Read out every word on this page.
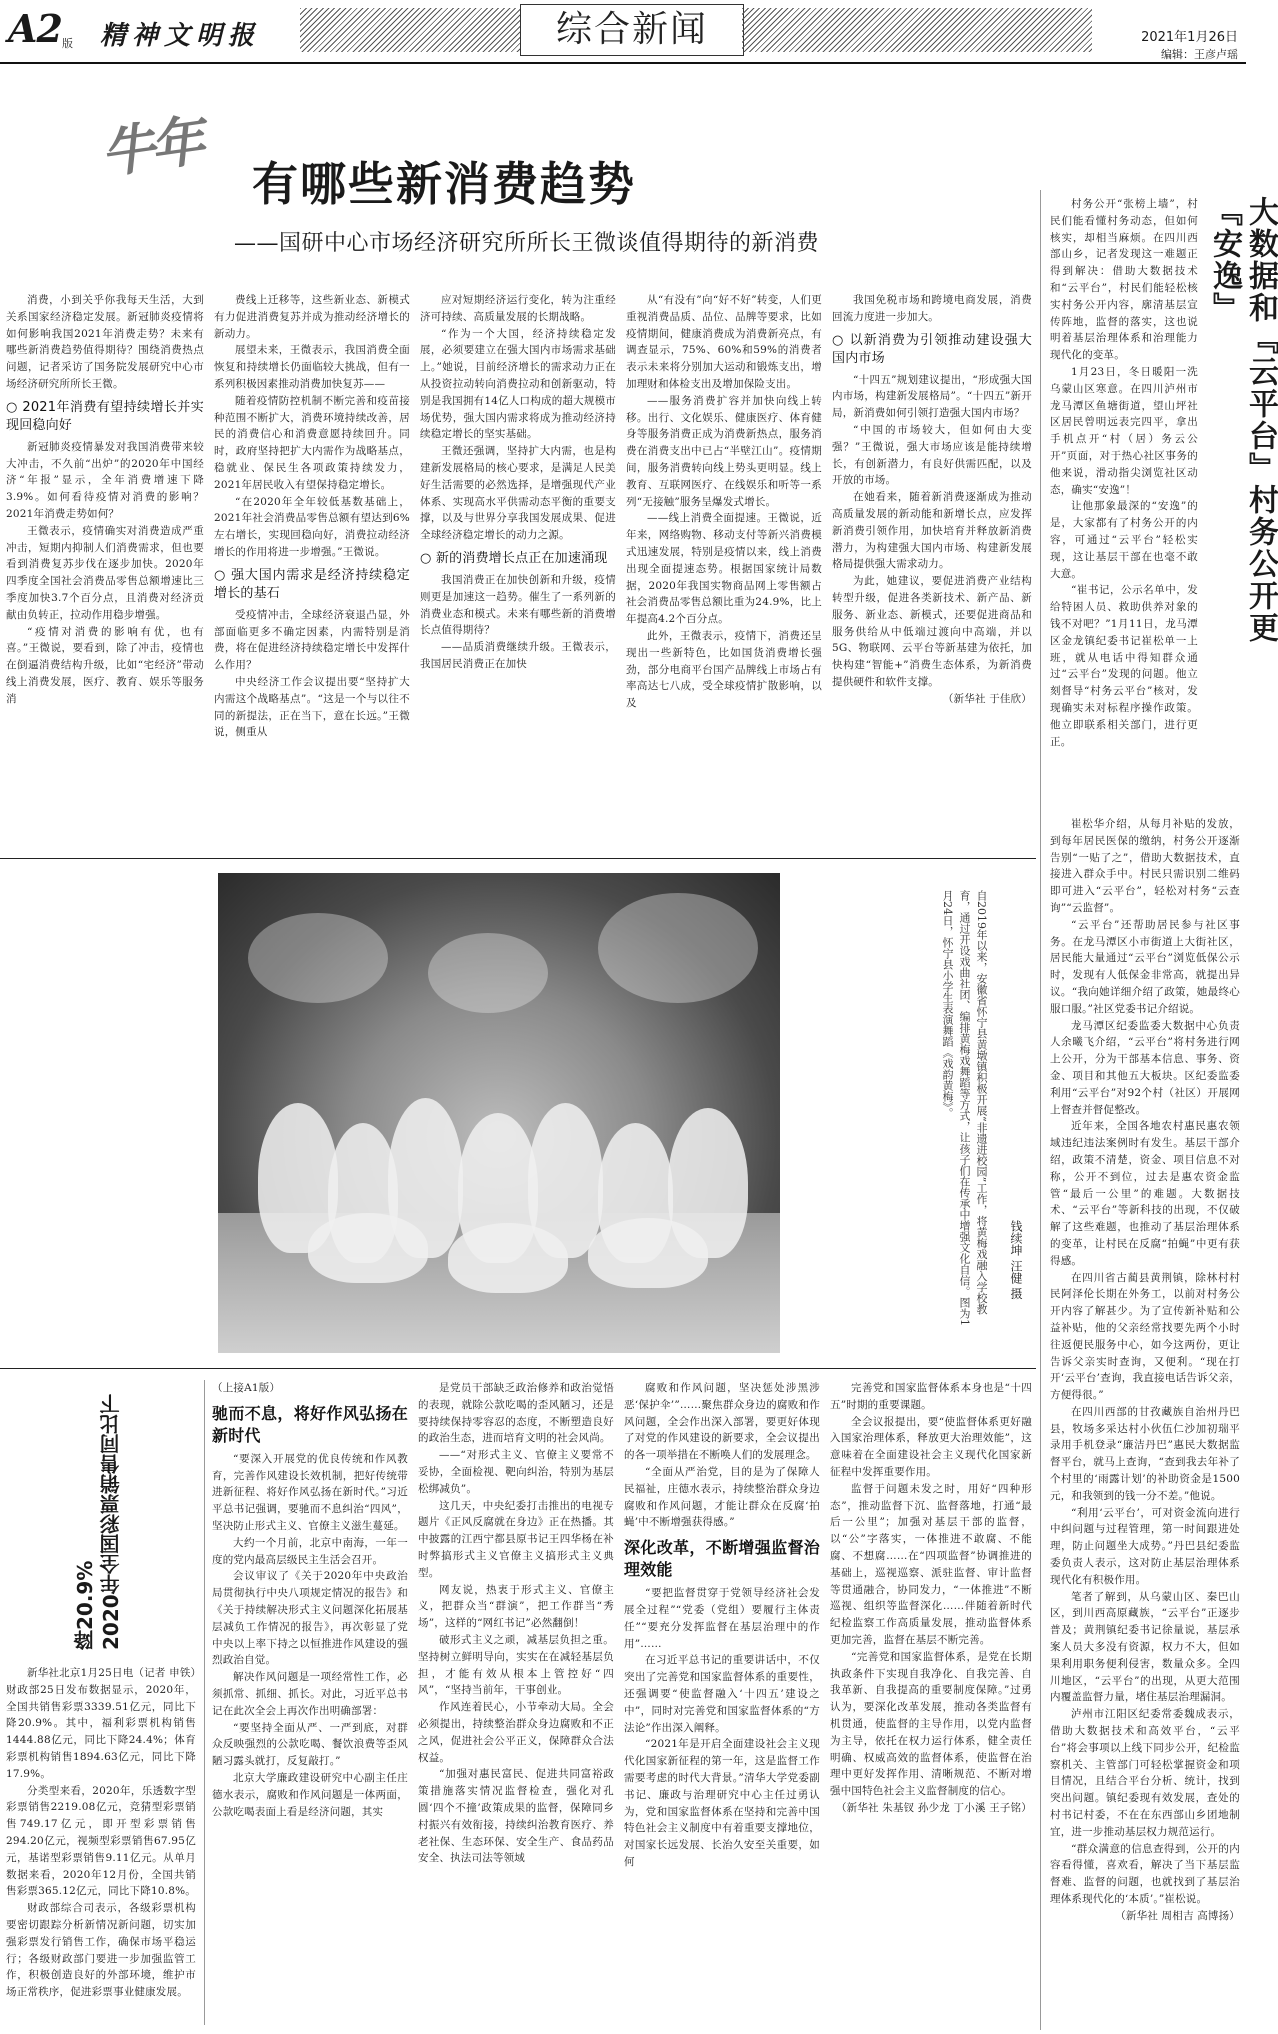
A2版 精神文明报	综合新闻	2021年1月26日
编辑：王彦卢瑶
牛年 有哪些新消费趋势
——国研中心市场经济研究所所长王微谈值得期待的新消费

消费，小到关乎你我每天生活，大到关系国家经济稳定发展。新冠肺炎疫情将如何影响我国2021年消费走势？未来有哪些新消费趋势值得期待？围绕消费热点问题，记者采访了国务院发展研究中心市场经济研究所所长王微。

○ 2021年消费有望持续增长并实现回稳向好

新冠肺炎疫情暴发对我国消费带来较大冲击，不久前“出炉”的2020年中国经济“年报”显示，全年消费增速下降3.9%。如何看待疫情对消费的影响？2021年消费走势如何？

王微表示，疫情确实对消费造成严重冲击，短期内抑制人们消费需求，但也要看到消费复苏步伐在逐步加快。2020年四季度全国社会消费品零售总额增速比三季度加快3.7个百分点，且消费对经济贡献由负转正，拉动作用稳步增强。

“疫情对消费的影响有优，也有喜。”王微说，要看到，除了冲击，疫情也在倒逼消费结构升级，比如“宅经济”带动线上消费发展，医疗、教育、娱乐等服务消

费线上迁移等，这些新业态、新模式有力促进消费复苏并成为推动经济增长的新动力。

展望未来，王微表示，我国消费全面恢复和持续增长仍面临较大挑战，但有一系列积极因素推动消费加快复苏——

随着疫情防控机制不断完善和疫苗接种范围不断扩大，消费环境持续改善，居民的消费信心和消费意愿持续回升。同时，政府坚持把扩大内需作为战略基点，稳就业、保民生各项政策持续发力，2021年居民收入有望保持稳定增长。

“在2020年全年较低基数基础上，2021年社会消费品零售总额有望达到6%左右增长，实现回稳向好，消费拉动经济增长的作用将进一步增强。”王微说。

○ 强大国内需求是经济持续稳定增长的基石

受疫情冲击，全球经济衰退凸显，外部面临更多不确定因素，内需特别是消费，将在促进经济持续稳定增长中发挥什么作用？

中央经济工作会议提出要“坚持扩大内需这个战略基点”。“这是一个与以往不同的新提法，正在当下，意在长远。”王微说，侧重从

应对短期经济运行变化，转为注重经济可持续、高质量发展的长期战略。

“作为一个大国，经济持续稳定发展，必须要建立在强大国内市场需求基础上。”她说，目前经济增长的需求动力正在从投资拉动转向消费拉动和创新驱动，特别是我国拥有14亿人口构成的超大规模市场优势，强大国内需求将成为推动经济持续稳定增长的坚实基础。

王微还强调，坚持扩大内需，也是构建新发展格局的核心要求，是满足人民美好生活需要的必然选择，是增强现代产业体系、实现高水平供需动态平衡的重要支撑，以及与世界分享我国发展成果、促进全球经济稳定增长的动力之源。

○ 新的消费增长点正在加速涌现

我国消费正在加快创新和升级，疫情则更是加速这一趋势。催生了一系列新的消费业态和模式。未来有哪些新的消费增长点值得期待？

——品质消费继续升级。王微表示，我国居民消费正在加快

从“有没有”向“好不好”转变，人们更重视消费品质、品位、品牌等要求，比如疫情期间，健康消费成为消费新亮点，有调查显示，75%、60%和59%的消费者表示未来将分别加大运动和锻炼支出，增加理财和体检支出及增加保险支出。

——服务消费扩容并加快向线上转移。出行、文化娱乐、健康医疗、体育健身等服务消费正成为消费新热点，服务消费在消费支出中已占“半壁江山”。疫情期间，服务消费转向线上势头更明显。线上教育、互联网医疗、在线娱乐和听等一系列“无接触”服务呈爆发式增长。

——线上消费全面提速。王微说，近年来，网络购物、移动支付等新兴消费模式迅速发展，特别是疫情以来，线上消费出现全面提速态势。根据国家统计局数据，2020年我国实物商品网上零售额占社会消费品零售总额比重为24.9%，比上年提高4.2个百分点。

此外，王微表示，疫情下，消费还呈现出一些新特色，比如国货消费增长强劲，部分电商平台国产品牌线上市场占有率高达七八成，受全球疫情扩散影响，以及

我国免税市场和跨境电商发展，消费回流力度进一步加大。

○ 以新消费为引领推动建设强大国内市场

“十四五”规划建议提出，“形成强大国内市场，构建新发展格局”。“十四五”新开局，新消费如何引领打造强大国内市场？

“中国的市场较大，但如何由大变强？”王微说，强大市场应该是能持续增长，有创新潜力，有良好供需匹配，以及开放的市场。

在她看来，随着新消费逐渐成为推动高质量发展的新动能和新增长点，应发挥新消费引领作用，加快培育并释放新消费潜力，为构建强大国内市场、构建新发展格局提供强大需求动力。

为此，她建议，要促进消费产业结构转型升级，促进各类新技术、新产品、新服务、新业态、新模式，还要促进商品和服务供给从中低端过渡向中高端，并以5G、物联网、云平台等新基建为依托，加快构建“智能+”消费生态体系，为新消费提供硬件和软件支撑。

（新华社 于佳欣）

自2019年以来，安徽省怀宁县黄墩镇积极开展“非遗进校园”工作，将黄梅戏融入学校教育，通过开设戏曲社团、编排黄梅戏舞蹈等方式，让孩子们在传承中增强文化自信。图为1月24日，怀宁县小学生表演舞蹈《戏韵黄梅》。
钱续坤 汪健 摄
大数据和『云平台』村务公开更『安逸』

村务公开“张榜上墙”，村民们能看懂村务动态，但如何核实，却相当麻烦。在四川西部山乡，记者发现这一难题正得到解决：借助大数据技术和“云平台”，村民们能轻松核实村务公开内容，廓清基层宣传阵地，监督的落实，这也说明着基层治理体系和治理能力现代化的变革。

1月23日，冬日暖阳一洗乌蒙山区寒意。在四川泸州市龙马潭区鱼塘街道，望山坪社区居民曾明远表完四平，拿出手机点开“村（居）务云公开”页面，对于热心社区事务的他来说，滑动指尖浏览社区动态，确实“安逸”！

让他那象最深的“安逸”的是，大家都有了村务公开的内容，可通过“云平台”轻松实现，这让基层干部在也毫不敢大意。

“崔书记，公示名单中，发给特困人员、救助供养对象的钱不对吧？”1月11日，龙马潭区金龙镇纪委书记崔松单一上班，就从电话中得知群众通过“云平台”发现的问题。他立刻督导“村务云平台”核对，发现确实未对标程序操作政策。他立即联系相关部门，进行更正。

崔松华介绍，从每月补贴的发放，到每年居民医保的缴纳，村务公开逐渐告别“一贴了之”，借助大数据技术，直接进入群众手中。村民只需识别二维码即可进入“云平台”，轻松对村务“云查询”“云监督”。

“云平台”还帮助居民参与社区事务。在龙马潭区小市街道上大街社区，居民能大量通过“云平台”浏览低保公示时，发现有人低保金非常高，就提出异议。“我向她详细介绍了政策，她最终心服口服。”社区党委书记介绍说。

龙马潭区纪委监委大数据中心负责人余曦飞介绍，“云平台”将村务进行网上公开，分为干部基本信息、事务、资金、项目和其他五大板块。区纪委监委利用“云平台”对92个村（社区）开展网上督查并督促整改。

近年来，全国各地农村惠民惠农领域违纪违法案例时有发生。基层干部介绍，政策不清楚，资金、项目信息不对称，公开不到位，过去是惠农资金监管“最后一公里”的难题。大数据技术、“云平台”等新科技的出现，不仅破解了这些难题，也推动了基层治理体系的变革，让村民在反腐“拍蝇”中更有获得感。

在四川省古蔺县黄荆镇，除林村村民阿泽伦长期在外务工，以前对村务公开内容了解甚少。为了宣传新补贴和公益补贴，他的父亲经常找要先两个小时往返便民服务中心，如今这两份，更让告诉父亲实时查询，又便利。“现在打开‘云平台’查询，我直接电话告诉父亲，方便得很。”

在四川西部的甘孜藏族自治州丹巴县，牧场多采达村小伙伍仁沙加初瑞平录用手机登录“廉洁丹巴”惠民大数据监督平台，就马上查询，“查到我去年补了个村里的‘雨露计划’的补助资金是1500元，和我领到的钱一分不差。”他说。

“利用‘云平台’，可对资金流向进行中纠问题与过程管理，第一时间跟进处理，防止问题坐大成势。”丹巴县纪委监委负责人表示，这对防止基层治理体系现代化有积极作用。

笔者了解到，从乌蒙山区、秦巴山区，到川西高原藏族，“云平台”正逐步普及；黄荆镇纪委书记徐量说，基层承案人员大多没有资源，权力不大，但如果利用职务便利侵害，数量众多。全四川地区，“云平台”的出现，从更大范围内覆盖监督力量，堵住基层治理漏洞。

泸州市江阳区纪委常委魏成表示，借助大数据技术和高效平台，“云平台”将会事项以上线下同步公开，纪检监察机关、主管部门可轻松掌握资金和项目情况，且结合平台分析、统计，找到突出问题。镇纪委现有效发展，查处的村书记村委，不在在东西部山乡团地制宜，进一步推动基层权力规范运行。

“群众满意的信息查得到，公开的内容看得懂，喜欢看，解决了当下基层监督难、监督的问题，也就找到了基层治理体系现代化的‘本质’。”崔松说。

（新华社 周相吉 高博扬）

2020年全国彩票销售同比下降20.9%

新华社北京1月25日电（记者 申铁）财政部25日发布数据显示，2020年，全国共销售彩票3339.51亿元，同比下降20.9%。其中，福利彩票机构销售1444.88亿元，同比下降24.4%；体育彩票机构销售1894.63亿元，同比下降17.9%。

分类型来看，2020年，乐透数字型彩票销售2219.08亿元，竞猜型彩票销售749.17亿元，即开型彩票销售294.20亿元，视频型彩票销售67.95亿元，基诺型彩票销售9.11亿元。从单月数据来看，2020年12月份，全国共销售彩票365.12亿元，同比下降10.8%。

财政部综合司表示，各级彩票机构要密切跟踪分析新情况新问题，切实加强彩票发行销售工作，确保市场平稳运行；各级财政部门要进一步加强监管工作，积极创造良好的外部环境，维护市场正常秩序，促进彩票事业健康发展。

（上接A1版）

驰而不息，将好作风弘扬在新时代

“要深入开展党的优良传统和作风教育，完善作风建设长效机制，把好传统带进新征程、将好作风弘扬在新时代。”习近平总书记强调，要驰而不息纠治“四风”，坚决防止形式主义、官僚主义滋生蔓延。

大约一个月前，北京中南海，一年一度的党内最高层级民主生活会召开。

会议审议了《关于2020年中央政治局贯彻执行中央八项规定情况的报告》和《关于持续解决形式主义问题深化拓展基层减负工作情况的报告》，再次彰显了党中央以上率下持之以恒推进作风建设的强烈政治自觉。

解决作风问题是一项经常性工作，必须抓常、抓细、抓长。对此，习近平总书记在此次全会上再次作出明确部署：

“要坚持全面从严、一严到底，对群众反映强烈的公款吃喝、餐饮浪费等歪风陋习露头就打，反复敲打。”

北京大学廉政建设研究中心副主任庄德水表示，腐败和作风问题是一体两面，公款吃喝表面上看是经济问题，其实

是党员干部缺乏政治修养和政治觉悟的表现，就除公款吃喝的歪风陋习，还是要持续保持零容忍的态度，不断塑造良好的政治生态，进而培育文明的社会风尚。

——“对形式主义、官僚主义要常不妥协，全面检视、靶向纠治，特别为基层松绑减负”。

这几天，中央纪委打击推出的电视专题片《正风反腐就在身边》正在热播。其中披露的江西宁都县原书记王四华杨在补时弊搞形式主义官僚主义搞形式主义典型。

网友说，热衷于形式主义、官僚主义，把群众当“群演”，把工作群当“秀场”，这样的“网红书记”必然翻倒！

破形式主义之顽，减基层负担之重。坚持树立鲜明导向，实实在在减轻基层负担，才能有效从根本上管控好“四风”，“坚持当前年，干事创业。

作风连着民心，小节牵动大局。全会必须提出，持续整治群众身边腐败和不正之风，促进社会公平正义，保障群众合法权益。

“加强对惠民富民、促进共同富裕政策措施落实情况监督检查，强化对孔圆‘四个不撞’政策成果的监督，保障同乡村振兴有效衔接，持续纠治教育医疗、养老社保、生态环保、安全生产、食品药品安全、执法司法等领域

腐败和作风问题，坚决惩处涉黑涉恶‘保护伞’”……聚焦群众身边的腐败和作风问题，全会作出深入部署，要更好体现了对党的作风建设的新要求，全会议提出的各一项举措在不断唤人们的发展理念。

“全面从严治党，目的是为了保障人民福祉，庄德水表示，持续整治群众身边腐败和作风问题，才能让群众在反腐‘拍蝇’中不断增强获得感。”

深化改革，不断增强监督治理效能

“要把监督贯穿于党领导经济社会发展全过程”“党委（党组）要履行主体责任”“要充分发挥监督在基层治理中的作用”……

在习近平总书记的重要讲话中，不仅突出了完善党和国家监督体系的重要性，还强调要“使监督融入‘十四五’建设之中”，同时对完善党和国家监督体系的“方法论”作出深入阐释。

“2021年是开启全面建设社会主义现代化国家新征程的第一年，这是监督工作需要考虑的时代大背景。”清华大学党委副书记、廉政与治理研究中心主任过勇认为，党和国家监督体系在坚持和完善中国特色社会主义制度中有着重要支撑地位，对国家长远发展、长治久安至关重要，如何

完善党和国家监督体系本身也是“十四五”时期的重要课题。

全会议报提出，要“使监督体系更好融入国家治理体系，释放更大治理效能”，这意味着在全面建设社会主义现代化国家新征程中发挥重要作用。

监督于问题未发之时，用好“四种形态”，推动监督下沉、监督落地，打通“最后一公里”；加强对基层干部的监督，以“公”字落实，一体推进不敢腐、不能腐、不想腐……在“四项监督”协调推进的基础上，巡视巡察、派驻监督、审计监督等贯通融合，协同发力，“一体推进”不断巡视、组织等监督深化……伴随着新时代纪检监察工作高质量发展，推动监督体系更加完善，监督在基层不断完善。

“完善党和国家监督体系，是党在长期执政条件下实现自我净化、自我完善、自我革新、自我提高的重要制度保障。”过勇认为，要深化改革发展，推动各类监督有机贯通，使监督的主导作用，以党内监督为主导，依托在权力运行体系，健全责任明确、权威高效的监督体系，使监督在治理中更好发挥作用、清晰规范、不断对增强中国特色社会主义监督制度的信心。

（新华社 朱基钗 孙少龙 丁小溪 王子铭）
